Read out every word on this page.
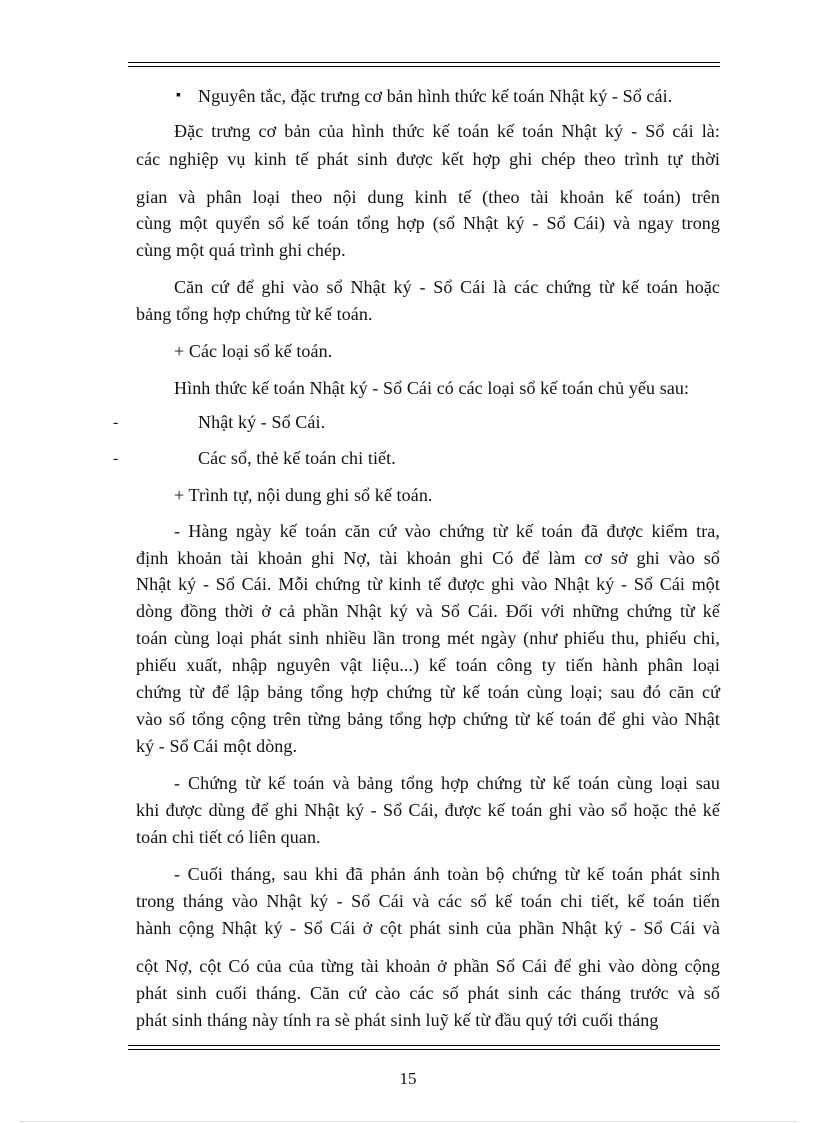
▪ Nguyên tắc, đặc trưng cơ bản hình thức kế toán Nhật ký - Sổ cái.
Đặc trưng cơ bản của hình thức kế toán kế toán Nhật ký - Sổ cái là:
các nghiệp vụ kinh tế phát sinh được kết hợp ghi chép theo trình tự thời
gian và phân loại theo nội dung kinh tế (theo tài khoản kế toán) trên
cùng một quyển sổ kế toán tổng hợp (sổ Nhật ký - Sổ Cái) và ngay trong
cùng một quá trình ghi chép.
Căn cứ để ghi vào sổ Nhật ký - Sổ Cái là các chứng từ kế toán hoặc
bảng tổng hợp chứng từ kế toán.
+ Các loại sổ kế toán.
Hình thức kế toán Nhật ký - Sổ Cái có các loại sổ kế toán chủ yếu sau:
-	Nhật ký - Sổ Cái.
-	Các sổ, thẻ kế toán chi tiết.
+ Trình tự, nội dung ghi sổ kế toán.
- Hàng ngày kế toán căn cứ vào chứng từ kế toán đã được kiểm tra,
định khoản tài khoản ghi Nợ, tài khoản ghi Có để làm cơ sở ghi vào sổ
Nhật ký - Sổ Cái. Mỗi chứng từ kinh tế được ghi vào Nhật ký - Sổ Cái một
dòng đồng thời ở cả phần Nhật ký và Sổ Cái. Đối với những chứng từ kế
toán cùng loại phát sinh nhiều lần trong mét ngày (như phiếu thu, phiếu chi,
phiếu xuất, nhập nguyên vật liệu...) kế toán công ty tiến hành phân loại
chứng từ để lập bảng tổng hợp chứng từ kế toán cùng loại; sau đó căn cứ
vào số tổng cộng trên từng bảng tổng hợp chứng từ kế toán để ghi vào Nhật
ký - Sổ Cái một dòng.
- Chứng từ kế toán và bảng tổng hợp chứng từ kế toán cùng loại sau
khi được dùng để ghi Nhật ký - Sổ Cái, được kế toán ghi vào sổ hoặc thẻ kế
toán chi tiết có liên quan.
- Cuối tháng, sau khi đã phản ánh toàn bộ chứng từ kế toán phát sinh
trong tháng vào Nhật ký - Sổ Cái và các sổ kế toán chi tiết, kế toán tiến
hành cộng Nhật ký - Sổ Cái ở cột phát sinh của phần Nhật ký - Sổ Cái và
cột Nợ, cột Có của của từng tài khoản ở phần Sổ Cái để ghi vào dòng cộng
phát sinh cuối tháng. Căn cứ cào các số phát sinh các tháng trước và số
phát sinh tháng này tính ra sè phát sinh luỹ kế từ đầu quý tới cuối tháng
15
